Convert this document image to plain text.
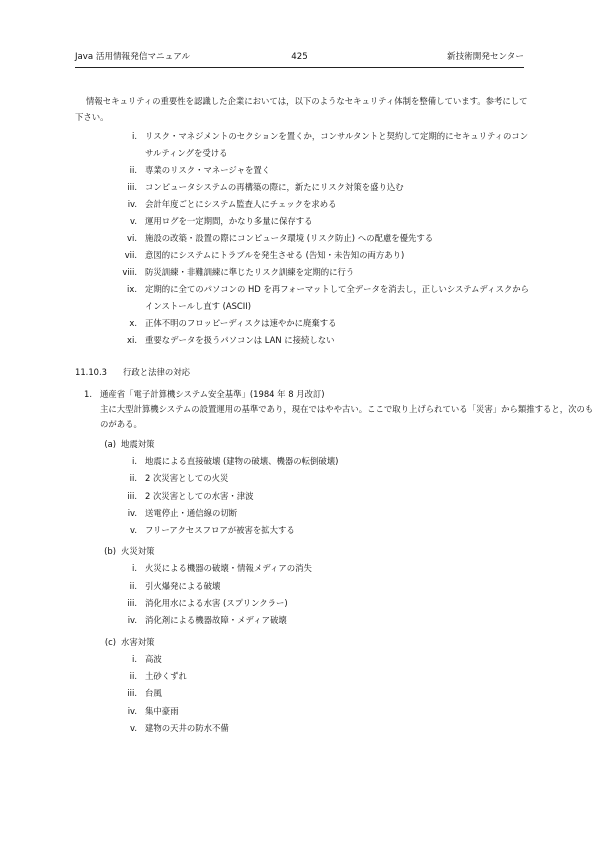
Java 活用情報発信マニュアル	425	新技術開発センター

情報セキュリティの重要性を認識した企業においては，以下のようなセキュリティ体制を整備しています。参考にして下さい。

i. リスク・マネジメントのセクションを置くか，コンサルタントと契約して定期的にセキュリティのコンサルティングを受ける
ii. 専業のリスク・マネージャを置く
iii. コンピュータシステムの再構築の際に，新たにリスク対策を盛り込む
iv. 会計年度ごとにシステム監査人にチェックを求める
v. 運用ログを一定期間，かなり多量に保存する
vi. 施設の改築・設置の際にコンピュータ環境 (リスク防止) への配慮を優先する
vii. 意図的にシステムにトラブルを発生させる (告知・未告知の両方あり)
viii. 防災訓練・非難訓練に準じたリスク訓練を定期的に行う
ix. 定期的に全てのパソコンの HD を再フォーマットして全データを消去し，正しいシステムディスクからインストールし直す (ASCII)
x. 正体不明のフロッピーディスクは速やかに廃棄する
xi. 重要なデータを扱うパソコンは LAN に接続しない
11.10.3 行政と法律の対応
1. 通産省「電子計算機システム安全基準」(1984 年 8 月改訂)
主に大型計算機システムの設置運用の基準であり，現在ではやや古い。ここで取り上げられている「災害」から類推すると，次のものがある。
(a) 地震対策
i. 地震による直接破壊 (建物の破壊、機器の転倒破壊)
ii. 2 次災害としての火災
iii. 2 次災害としての水害・津波
iv. 送電停止・通信線の切断
v. フリーアクセスフロアが被害を拡大する
(b) 火災対策
i. 火災による機器の破壊・情報メディアの消失
ii. 引火爆発による破壊
iii. 消化用水による水害 (スプリンクラー)
iv. 消化剤による機器故障・メディア破壊
(c) 水害対策
i. 高波
ii. 土砂くずれ
iii. 台風
iv. 集中豪雨
v. 建物の天井の防水不備
